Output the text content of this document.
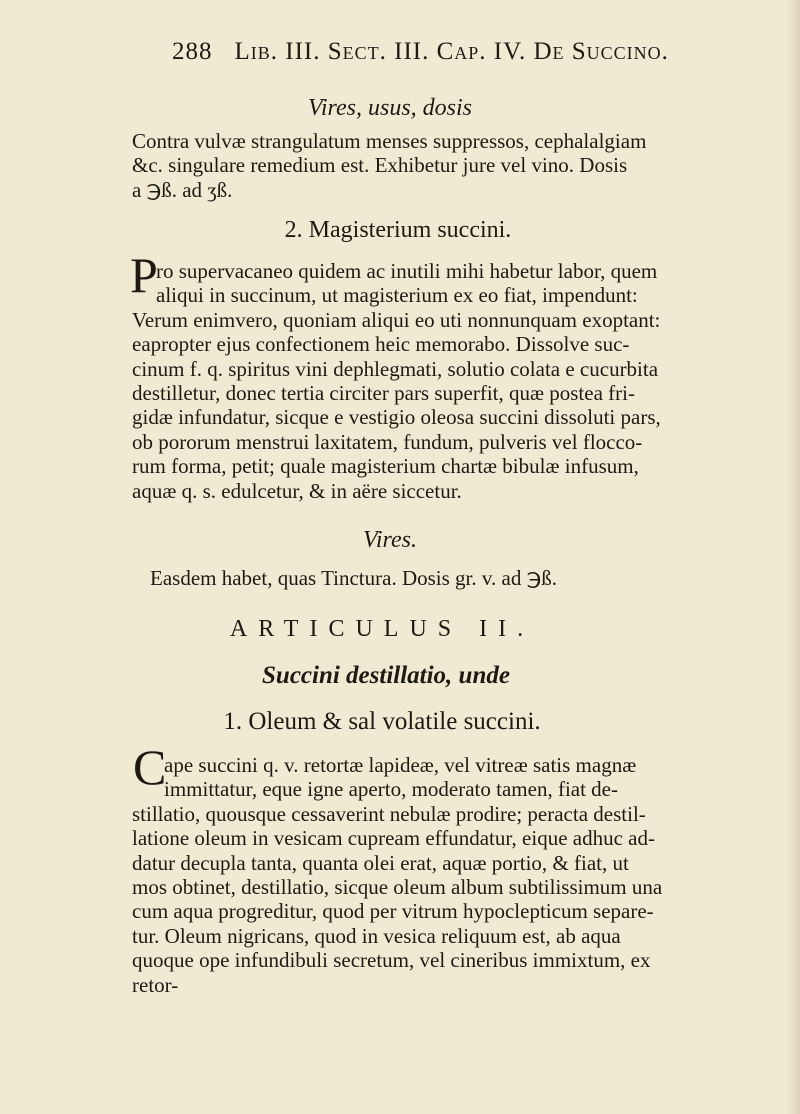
288 Lib. III. Sect. III. Cap. IV. De Succino.
Vires, usus, dosis
Contra vulvæ strangulatum menses suppressos, cephalalgiam
&c. singulare remedium est. Exhibetur jure vel vino. Dosis
a ℈ß. ad ʒß.
2. Magisterium succini.
P
ro supervacaneo quidem ac inutili mihi habetur labor, quem
aliqui in succinum, ut magisterium ex eo fiat, impendunt:
Verum enimvero, quoniam aliqui eo uti nonnunquam exoptant:
eapropter ejus confectionem heic memorabo. Dissolve suc-
cinum f. q. spiritus vini dephlegmati, solutio colata e cucurbita
destilletur, donec tertia circiter pars superfit, quæ postea fri-
gidæ infundatur, sicque e vestigio oleosa succini dissoluti pars,
ob pororum menstrui laxitatem, fundum, pulveris vel flocco-
rum forma, petit; quale magisterium chartæ bibulæ infusum,
aquæ q. s. edulcetur, & in aëre siccetur.
Vires.
Easdem habet, quas Tinctura. Dosis gr. v. ad ℈ß.
ARTICULUS II.
Succini destillatio, unde
1. Oleum & sal volatile succini.
C
ape succini q. v. retortæ lapideæ, vel vitreæ satis magnæ
immittatur, eque igne aperto, moderato tamen, fiat de-
stillatio, quousque cessaverint nebulæ prodire; peracta destil-
latione oleum in vesicam cupream effundatur, eique adhuc ad-
datur decupla tanta, quanta olei erat, aquæ portio, & fiat, ut
mos obtinet, destillatio, sicque oleum album subtilissimum una
cum aqua progreditur, quod per vitrum hypoclepticum separe-
tur. Oleum nigricans, quod in vesica reliquum est, ab aqua
quoque ope infundibuli secretum, vel cineribus immixtum, ex
retor-
